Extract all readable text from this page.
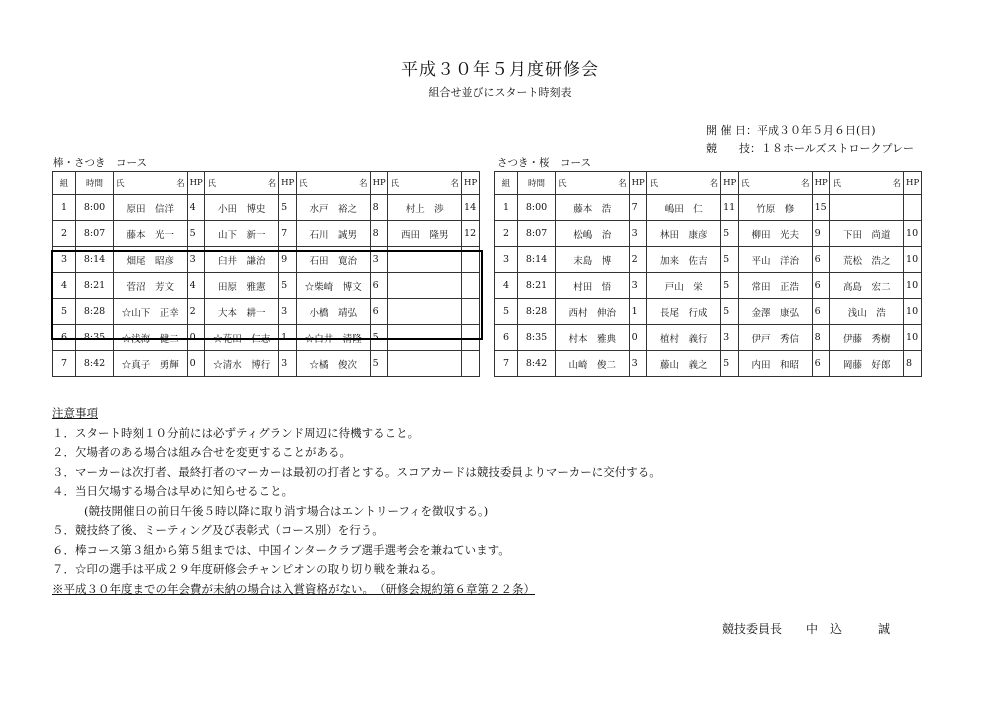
平成３０年５月度研修会
組合せ並びにスタート時刻表
開 催 日：平成３０年５月６日(日)
競　　技：１８ホールズストロークプレー
棒・さつき　コース	さつき・桜　コース
組	時間	氏 名	HP	氏 名	HP	氏 名	HP	氏 名	HP
1	8:00	原田　信洋	4	小田　博史	5	水戸　裕之	8	村上　渉	14
2	8:07	藤本　光一	5	山下　新一	7	石川　誠男	8	西田　隆男	12
3	8:14	畑尾　昭彦	3	臼井　謙治	9	石田　寛治	3		
4	8:21	菅沼　芳文	4	田原　雅憲	5	☆柴崎　博文	6		
5	8:28	☆山下　正幸	2	大本　耕一	3	小橋　靖弘	6		
6	8:35	☆浅海　健二	0	☆花田　仁志	1	☆白井　清隆	5		
7	8:42	☆真子　勇輝	0	☆清水　博行	3	☆橘　俊次	5		
組	時間	氏 名	HP	氏 名	HP	氏 名	HP	氏 名	HP
1	8:00	藤本　浩	7	嶋田　仁	11	竹原　修	15		
2	8:07	松嶋　治	3	林田　康彦	5	柳田　光夫	9	下田　尚道	10
3	8:14	末島　博	2	加来　佐吉	5	平山　洋治	6	荒松　浩之	10
4	8:21	村田　悟	3	戸山　栄	5	常田　正浩	6	高島　宏二	10
5	8:28	西村　伸治	1	長尾　行成	5	金澤　康弘	6	浅山　浩	10
6	8:35	村本　雅典	0	植村　義行	3	伊戸　秀信	8	伊藤　秀樹	10
7	8:42	山崎　俊二	3	藤山　義之	5	内田　和昭	6	岡藤　好郎	8
注意事項
１．スタート時刻１０分前には必ずティグランド周辺に待機すること。
２．欠場者のある場合は組み合せを変更することがある。
３．マーカーは次打者、最終打者のマーカーは最初の打者とする。スコアカードは競技委員よりマーカーに交付する。
４．当日欠場する場合は早めに知らせること。
(競技開催日の前日午後５時以降に取り消す場合はエントリーフィを徴収する。)
５．競技終了後、ミーティング及び表彰式（コース別）を行う。
６．棒コース第３組から第５組までは、中国インタークラブ選手選考会を兼ねています。
７．☆印の選手は平成２９年度研修会チャンピオンの取り切り戦を兼ねる。
※平成３０年度までの年会費が未納の場合は入賞資格がない。　（研修会規約第６章第２２条）
競技委員長　　中　込　　　誠
